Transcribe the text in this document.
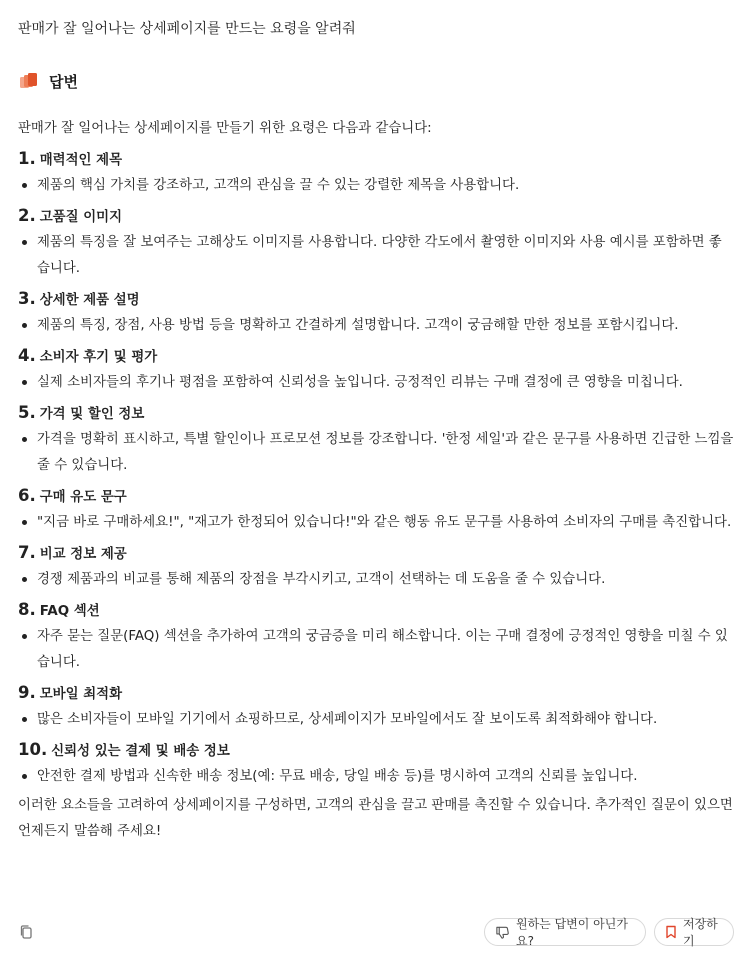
판매가 잘 일어나는 상세페이지를 만드는 요령을 알려줘
답변

판매가 잘 일어나는 상세페이지를 만들기 위한 요령은 다음과 같습니다:

1. 매력적인 제목
제품의 핵심 가치를 강조하고, 고객의 관심을 끌 수 있는 강렬한 제목을 사용합니다.
2. 고품질 이미지
제품의 특징을 잘 보여주는 고해상도 이미지를 사용합니다. 다양한 각도에서 촬영한 이미지와 사용 예시를 포함하면 좋습니다.
3. 상세한 제품 설명
제품의 특징, 장점, 사용 방법 등을 명확하고 간결하게 설명합니다. 고객이 궁금해할 만한 정보를 포함시킵니다.
4. 소비자 후기 및 평가
실제 소비자들의 후기나 평점을 포함하여 신뢰성을 높입니다. 긍정적인 리뷰는 구매 결정에 큰 영향을 미칩니다.
5. 가격 및 할인 정보
가격을 명확히 표시하고, 특별 할인이나 프로모션 정보를 강조합니다. '한정 세일'과 같은 문구를 사용하면 긴급한 느낌을 줄 수 있습니다.
6. 구매 유도 문구
"지금 바로 구매하세요!", "재고가 한정되어 있습니다!"와 같은 행동 유도 문구를 사용하여 소비자의 구매를 촉진합니다.
7. 비교 정보 제공
경쟁 제품과의 비교를 통해 제품의 장점을 부각시키고, 고객이 선택하는 데 도움을 줄 수 있습니다.
8. FAQ 섹션
자주 묻는 질문(FAQ) 섹션을 추가하여 고객의 궁금증을 미리 해소합니다. 이는 구매 결정에 긍정적인 영향을 미칠 수 있습니다.
9. 모바일 최적화
많은 소비자들이 모바일 기기에서 쇼핑하므로, 상세페이지가 모바일에서도 잘 보이도록 최적화해야 합니다.
10. 신뢰성 있는 결제 및 배송 정보
안전한 결제 방법과 신속한 배송 정보(예: 무료 배송, 당일 배송 등)를 명시하여 고객의 신뢰를 높입니다.

이러한 요소들을 고려하여 상세페이지를 구성하면, 고객의 관심을 끌고 판매를 촉진할 수 있습니다. 추가적인 질문이 있으면 언제든지 말씀해 주세요!

원하는 답변이 아닌가요?
저장하기
